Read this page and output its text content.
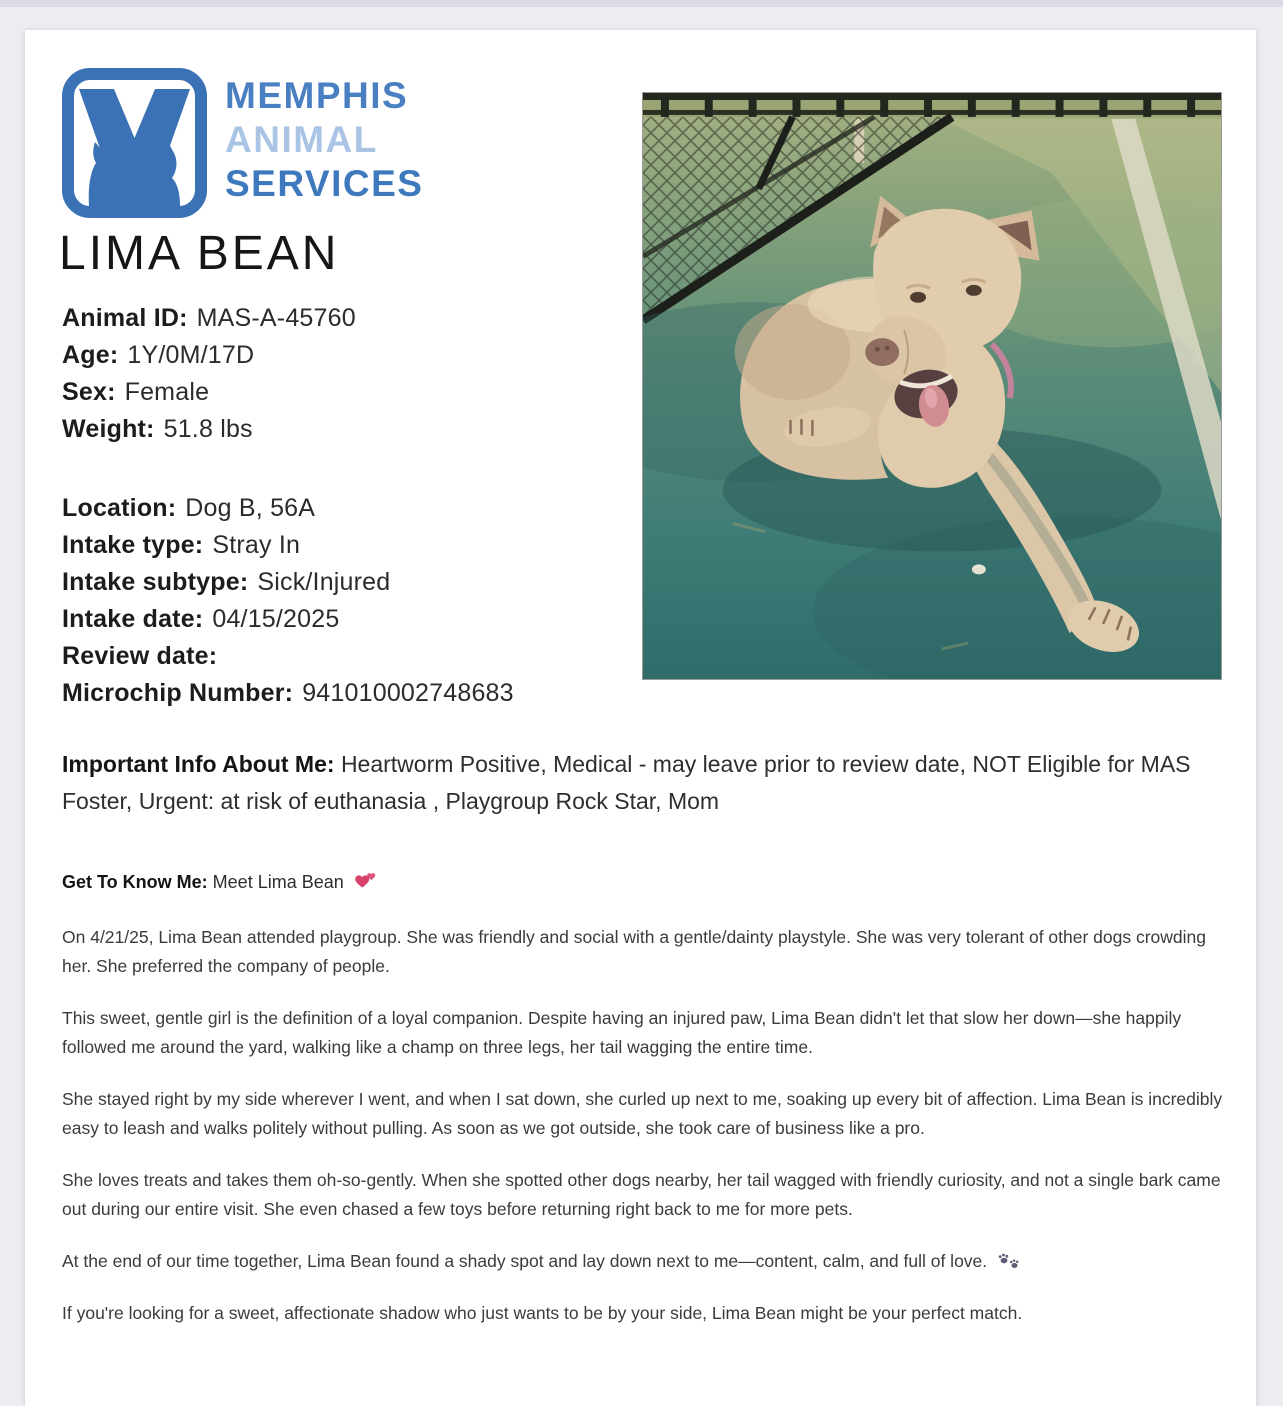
MEMPHIS
ANIMAL
SERVICES
LIMA BEAN
Animal ID: MAS-A-45760
Age: 1Y/0M/17D
Sex: Female
Weight: 51.8 lbs
Location: Dog B, 56A
Intake type: Stray In
Intake subtype: Sick/Injured
Intake date: 04/15/2025
Review date:
Microchip Number: 941010002748683

Important Info About Me: Heartworm Positive, Medical - may leave prior to review date, NOT Eligible for MAS Foster, Urgent: at risk of euthanasia , Playgroup Rock Star, Mom

Get To Know Me: Meet Lima Bean

On 4/21/25, Lima Bean attended playgroup. She was friendly and social with a gentle/dainty playstyle. She was very tolerant of other dogs crowding her. She preferred the company of people.

This sweet, gentle girl is the definition of a loyal companion. Despite having an injured paw, Lima Bean didn't let that slow her down—she happily followed me around the yard, walking like a champ on three legs, her tail wagging the entire time.

She stayed right by my side wherever I went, and when I sat down, she curled up next to me, soaking up every bit of affection. Lima Bean is incredibly easy to leash and walks politely without pulling. As soon as we got outside, she took care of business like a pro.

She loves treats and takes them oh-so-gently. When she spotted other dogs nearby, her tail wagged with friendly curiosity, and not a single bark came out during our entire visit. She even chased a few toys before returning right back to me for more pets.

At the end of our time together, Lima Bean found a shady spot and lay down next to me—content, calm, and full of love.

If you're looking for a sweet, affectionate shadow who just wants to be by your side, Lima Bean might be your perfect match.
